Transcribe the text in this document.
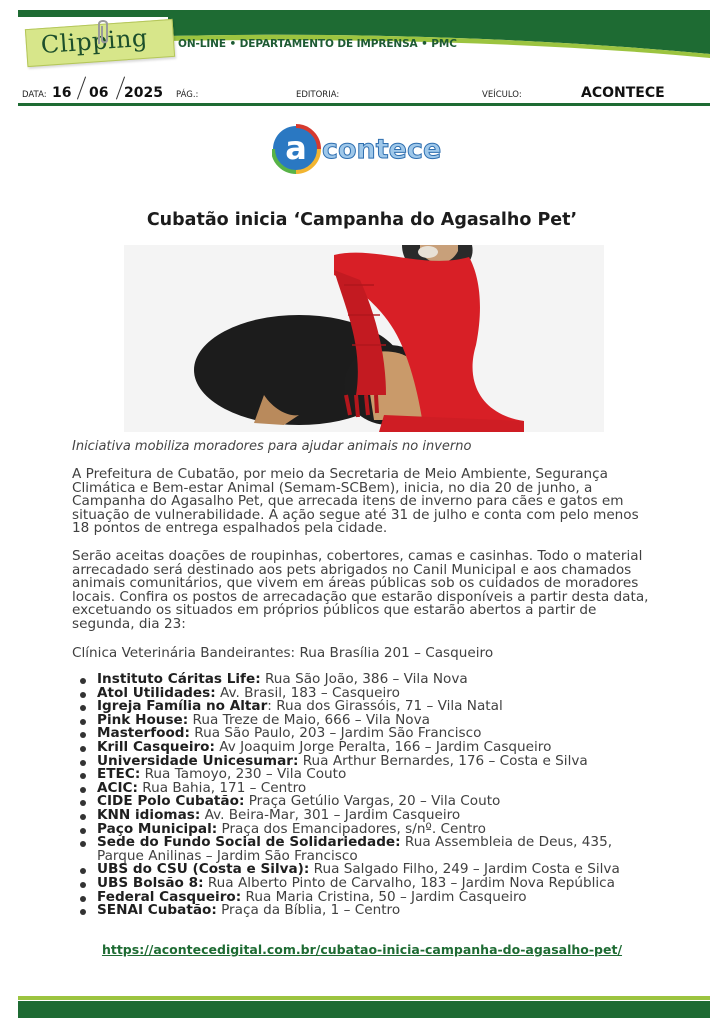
Clipping	ON-LINE • DEPARTAMENTO DE IMPRENSA • PMC
DATA: 16 06 2025 PÁG.:	EDITORIA:	VEÍCULO:	ACONTECE
a contece
Cubatão inicia ‘Campanha do Agasalho Pet’
Iniciativa mobiliza moradores para ajudar animais no inverno
A Prefeitura de Cubatão, por meio da Secretaria de Meio Ambiente, Segurança Climática e Bem-estar Animal (Semam-SCBem), inicia, no dia 20 de junho, a Campanha do Agasalho Pet, que arrecada itens de inverno para cães e gatos em situação de vulnerabilidade. A ação segue até 31 de julho e conta com pelo menos 18 pontos de entrega espalhados pela cidade.
Serão aceitas doações de roupinhas, cobertores, camas e casinhas. Todo o material arrecadado será destinado aos pets abrigados no Canil Municipal e aos chamados animais comunitários, que vivem em áreas públicas sob os cuidados de moradores locais. Confira os postos de arrecadação que estarão disponíveis a partir desta data, excetuando os situados em próprios públicos que estarão abertos a partir de segunda, dia 23:
Clínica Veterinária Bandeirantes: Rua Brasília 201 – Casqueiro
Instituto Cáritas Life: Rua São João, 386 – Vila Nova
Atol Utilidades: Av. Brasil, 183 – Casqueiro
Igreja Família no Altar: Rua dos Girassóis, 71 – Vila Natal
Pink House: Rua Treze de Maio, 666 – Vila Nova
Masterfood: Rua São Paulo, 203 – Jardim São Francisco
Krill Casqueiro: Av Joaquim Jorge Peralta, 166 – Jardim Casqueiro
Universidade Unicesumar: Rua Arthur Bernardes, 176 – Costa e Silva
ETEC: Rua Tamoyo, 230 – Vila Couto
ACIC: Rua Bahia, 171 – Centro
CIDE Polo Cubatão: Praça Getúlio Vargas, 20 – Vila Couto
KNN idiomas: Av. Beira-Mar, 301 – Jardim Casqueiro
Paço Municipal: Praça dos Emancipadores, s/nº. Centro
Sede do Fundo Social de Solidariedade: Rua Assembleia de Deus, 435, Parque Anilinas – Jardim São Francisco
UBS do CSU (Costa e Silva): Rua Salgado Filho, 249 – Jardim Costa e Silva
UBS Bolsão 8: Rua Alberto Pinto de Carvalho, 183 – Jardim Nova República
Federal Casqueiro: Rua Maria Cristina, 50 – Jardim Casqueiro
SENAI Cubatão: Praça da Bíblia, 1 – Centro
https://acontecedigital.com.br/cubatao-inicia-campanha-do-agasalho-pet/
